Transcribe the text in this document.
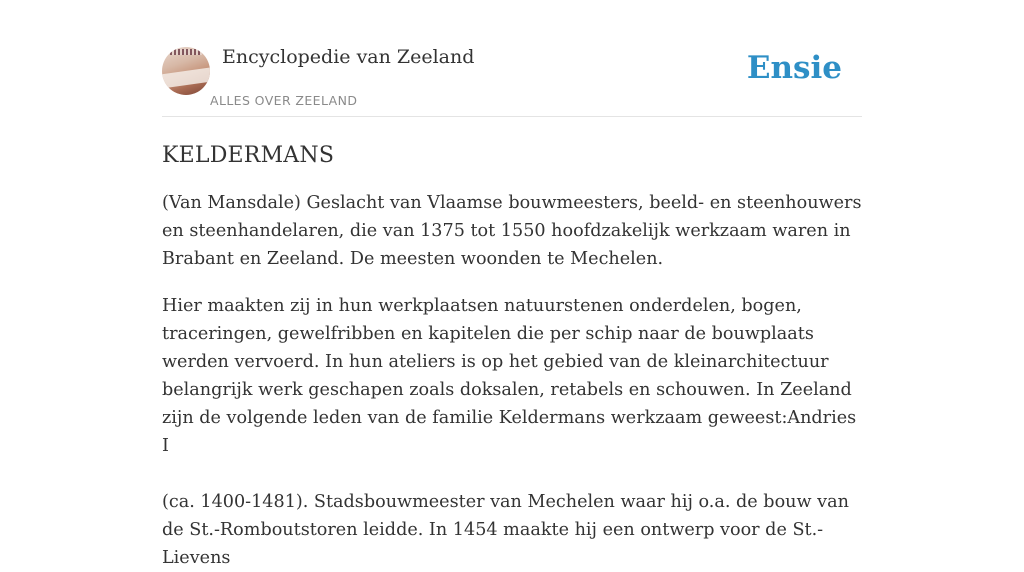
Encyclopedie van Zeeland
ALLES OVER ZEELAND
Ensie
KELDERMANS

(Van Mansdale) Geslacht van Vlaamse bouwmeesters, beeld- en steenhouwers en steenhandelaren, die van 1375 tot 1550 hoofdzakelijk werkzaam waren in Brabant en Zeeland. De meesten woonden te Mechelen.

Hier maakten zij in hun werkplaatsen natuurstenen onderdelen, bogen, traceringen, gewelfribben en kapitelen die per schip naar de bouwplaats werden vervoerd. In hun ateliers is op het gebied van de kleinarchitectuur belangrijk werk geschapen zoals doksalen, retabels en schouwen. In Zeeland zijn de volgende leden van de familie Keldermans werkzaam geweest:Andries I

(ca. 1400-1481). Stadsbouwmeester van Mechelen waar hij o.a. de bouw van de St.-Romboutstoren leidde. In 1454 maakte hij een ontwerp voor de St.-Lievens
